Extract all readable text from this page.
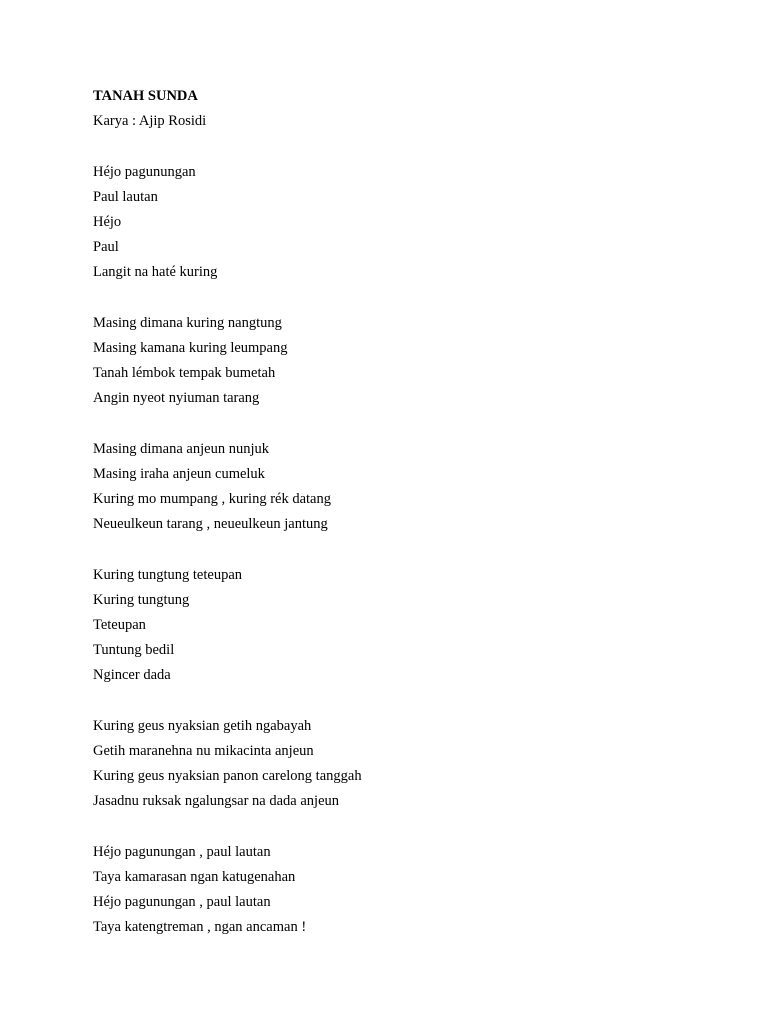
TANAH SUNDA
Karya : Ajip Rosidi
Héjo pagunungan
Paul lautan
Héjo
Paul
Langit na haté kuring
Masing dimana kuring nangtung
Masing kamana kuring leumpang
Tanah lémbok tempak bumetah
Angin nyeot nyiuman tarang
Masing dimana anjeun nunjuk
Masing iraha anjeun cumeluk
Kuring mo mumpang , kuring rék datang
Neueulkeun tarang , neueulkeun jantung
Kuring tungtung teteupan
Kuring tungtung
Teteupan
Tuntung bedil
Ngincer dada
Kuring geus nyaksian getih ngabayah
Getih maranehna nu mikacinta anjeun
Kuring geus nyaksian panon carelong tanggah
Jasadnu ruksak ngalungsar na dada anjeun
Héjo pagunungan , paul lautan
Taya kamarasan ngan katugenahan
Héjo pagunungan , paul lautan
Taya katengtreman , ngan ancaman !
